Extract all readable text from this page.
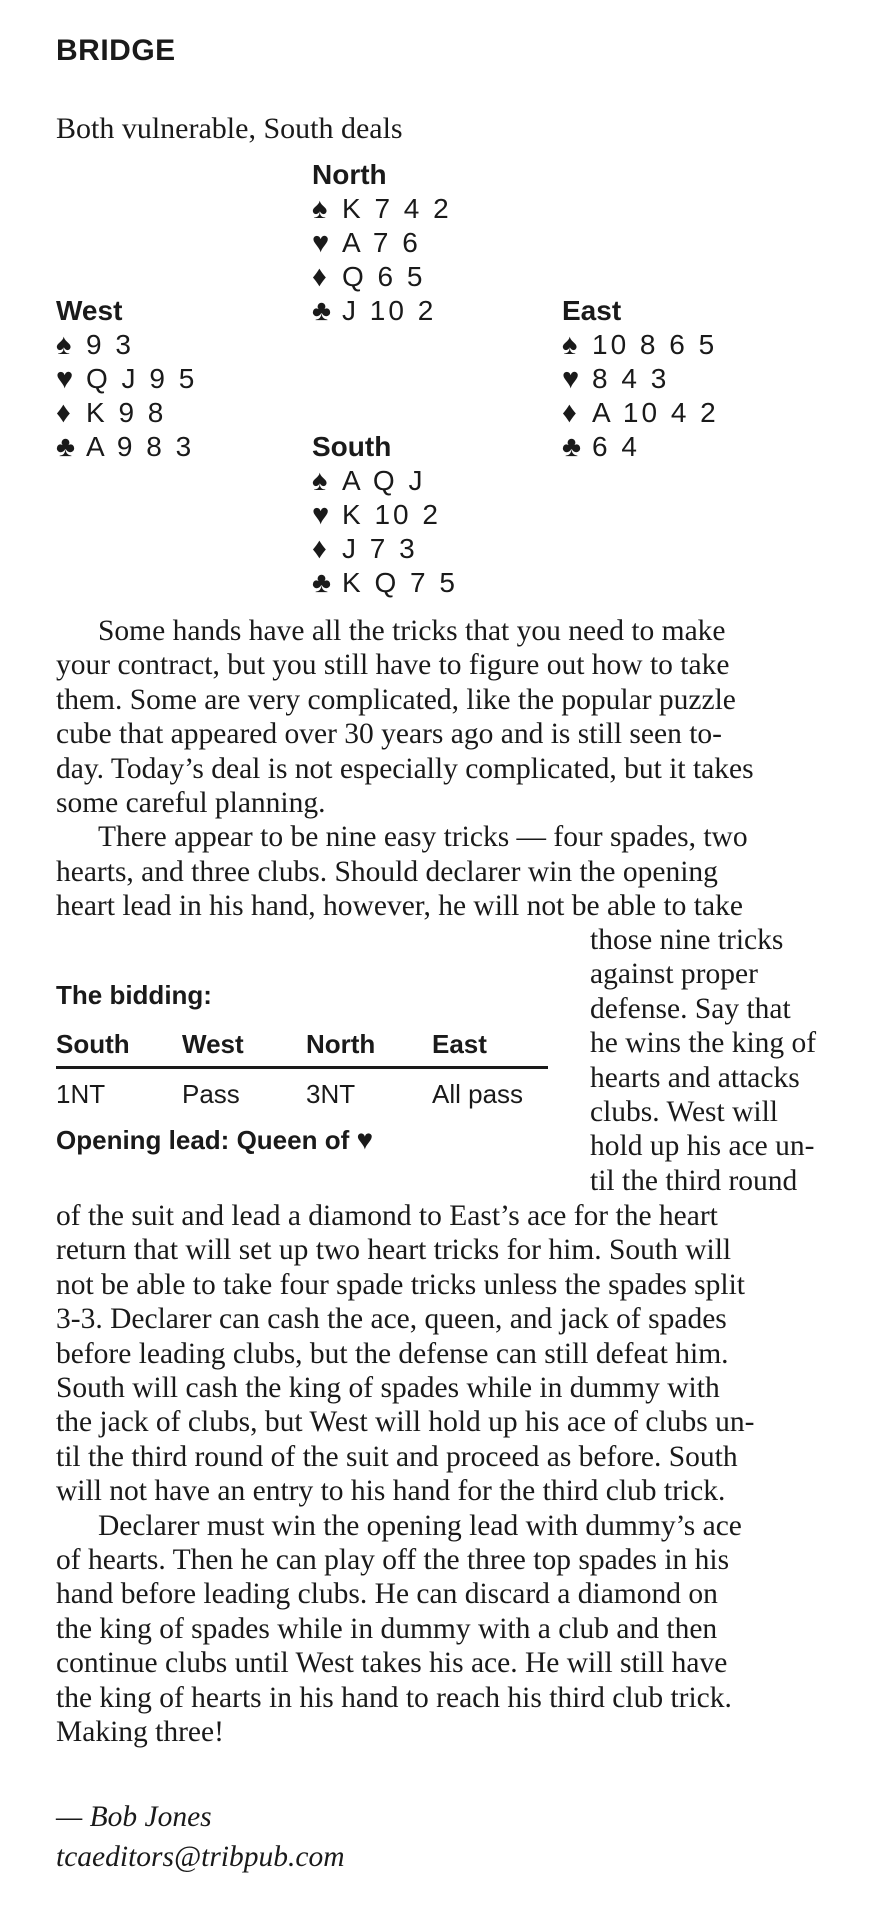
BRIDGE
Both vulnerable, South deals
North
♠ K 7 4 2
♥ A 7 6
♦ Q 6 5
♣ J 10 2
West
♠ 9 3
♥ Q J 9 5
♦ K 9 8
♣ A 9 8 3
East
♠ 10 8 6 5
♥ 8 4 3
♦ A 10 4 2
♣ 6 4
South
♠ A Q J
♥ K 10 2
♦ J 7 3
♣ K Q 7 5
Some hands have all the tricks that you need to make
your contract, but you still have to figure out how to take
them. Some are very complicated, like the popular puzzle
cube that appeared over 30 years ago and is still seen to-
day. Today’s deal is not especially complicated, but it takes
some careful planning.
There appear to be nine easy tricks — four spades, two
hearts, and three clubs. Should declarer win the opening
heart lead in his hand, however, he will not be able to take
those nine tricks
against proper
defense. Say that
he wins the king of
hearts and attacks
clubs. West will
hold up his ace un-
til the third round
The bidding:
South	West	North	East
1NT	Pass	3NT	All pass
Opening lead: Queen of ♥
of the suit and lead a diamond to East’s ace for the heart
return that will set up two heart tricks for him. South will
not be able to take four spade tricks unless the spades split
3-3. Declarer can cash the ace, queen, and jack of spades
before leading clubs, but the defense can still defeat him.
South will cash the king of spades while in dummy with
the jack of clubs, but West will hold up his ace of clubs un-
til the third round of the suit and proceed as before. South
will not have an entry to his hand for the third club trick.
Declarer must win the opening lead with dummy’s ace
of hearts. Then he can play off the three top spades in his
hand before leading clubs. He can discard a diamond on
the king of spades while in dummy with a club and then
continue clubs until West takes his ace. He will still have
the king of hearts in his hand to reach his third club trick.
Making three!
— Bob Jones
tcaeditors@tribpub.com
